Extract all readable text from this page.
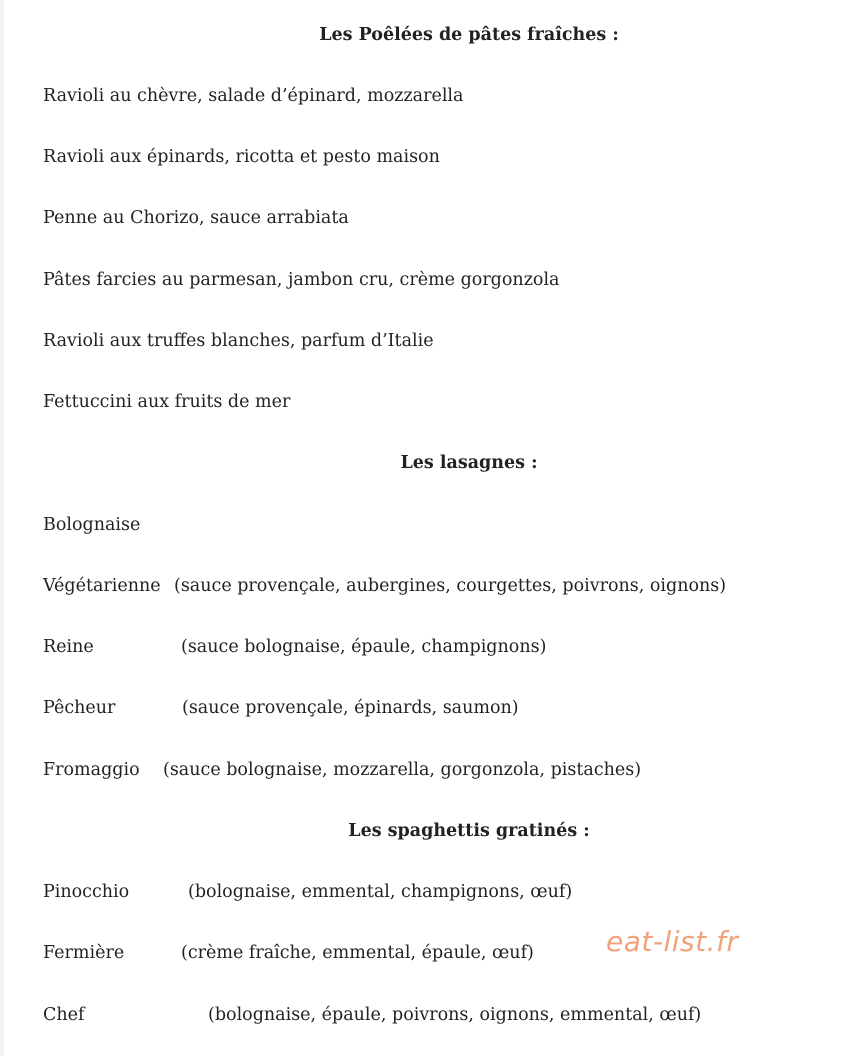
Les Poêlées de pâtes fraîches :
Ravioli au chèvre, salade d’épinard, mozzarella
Ravioli aux épinards, ricotta et pesto maison
Penne au Chorizo, sauce arrabiata
Pâtes farcies au parmesan, jambon cru, crème gorgonzola
Ravioli aux truffes blanches, parfum d’Italie
Fettuccini aux fruits de mer
Les lasagnes :
Bolognaise
Végétarienne (sauce provençale, aubergines, courgettes, poivrons, oignons)
Reine	(sauce bolognaise, épaule, champignons)
Pêcheur	(sauce provençale, épinards, saumon)
Fromaggio (sauce bolognaise, mozzarella, gorgonzola, pistaches)
Les spaghettis gratinés :
Pinocchio	(bolognaise, emmental, champignons, œuf)
Fermière	(crème fraîche, emmental, épaule, œuf)
Chef	(bolognaise, épaule, poivrons, oignons, emmental, œuf)
eat-list.fr
